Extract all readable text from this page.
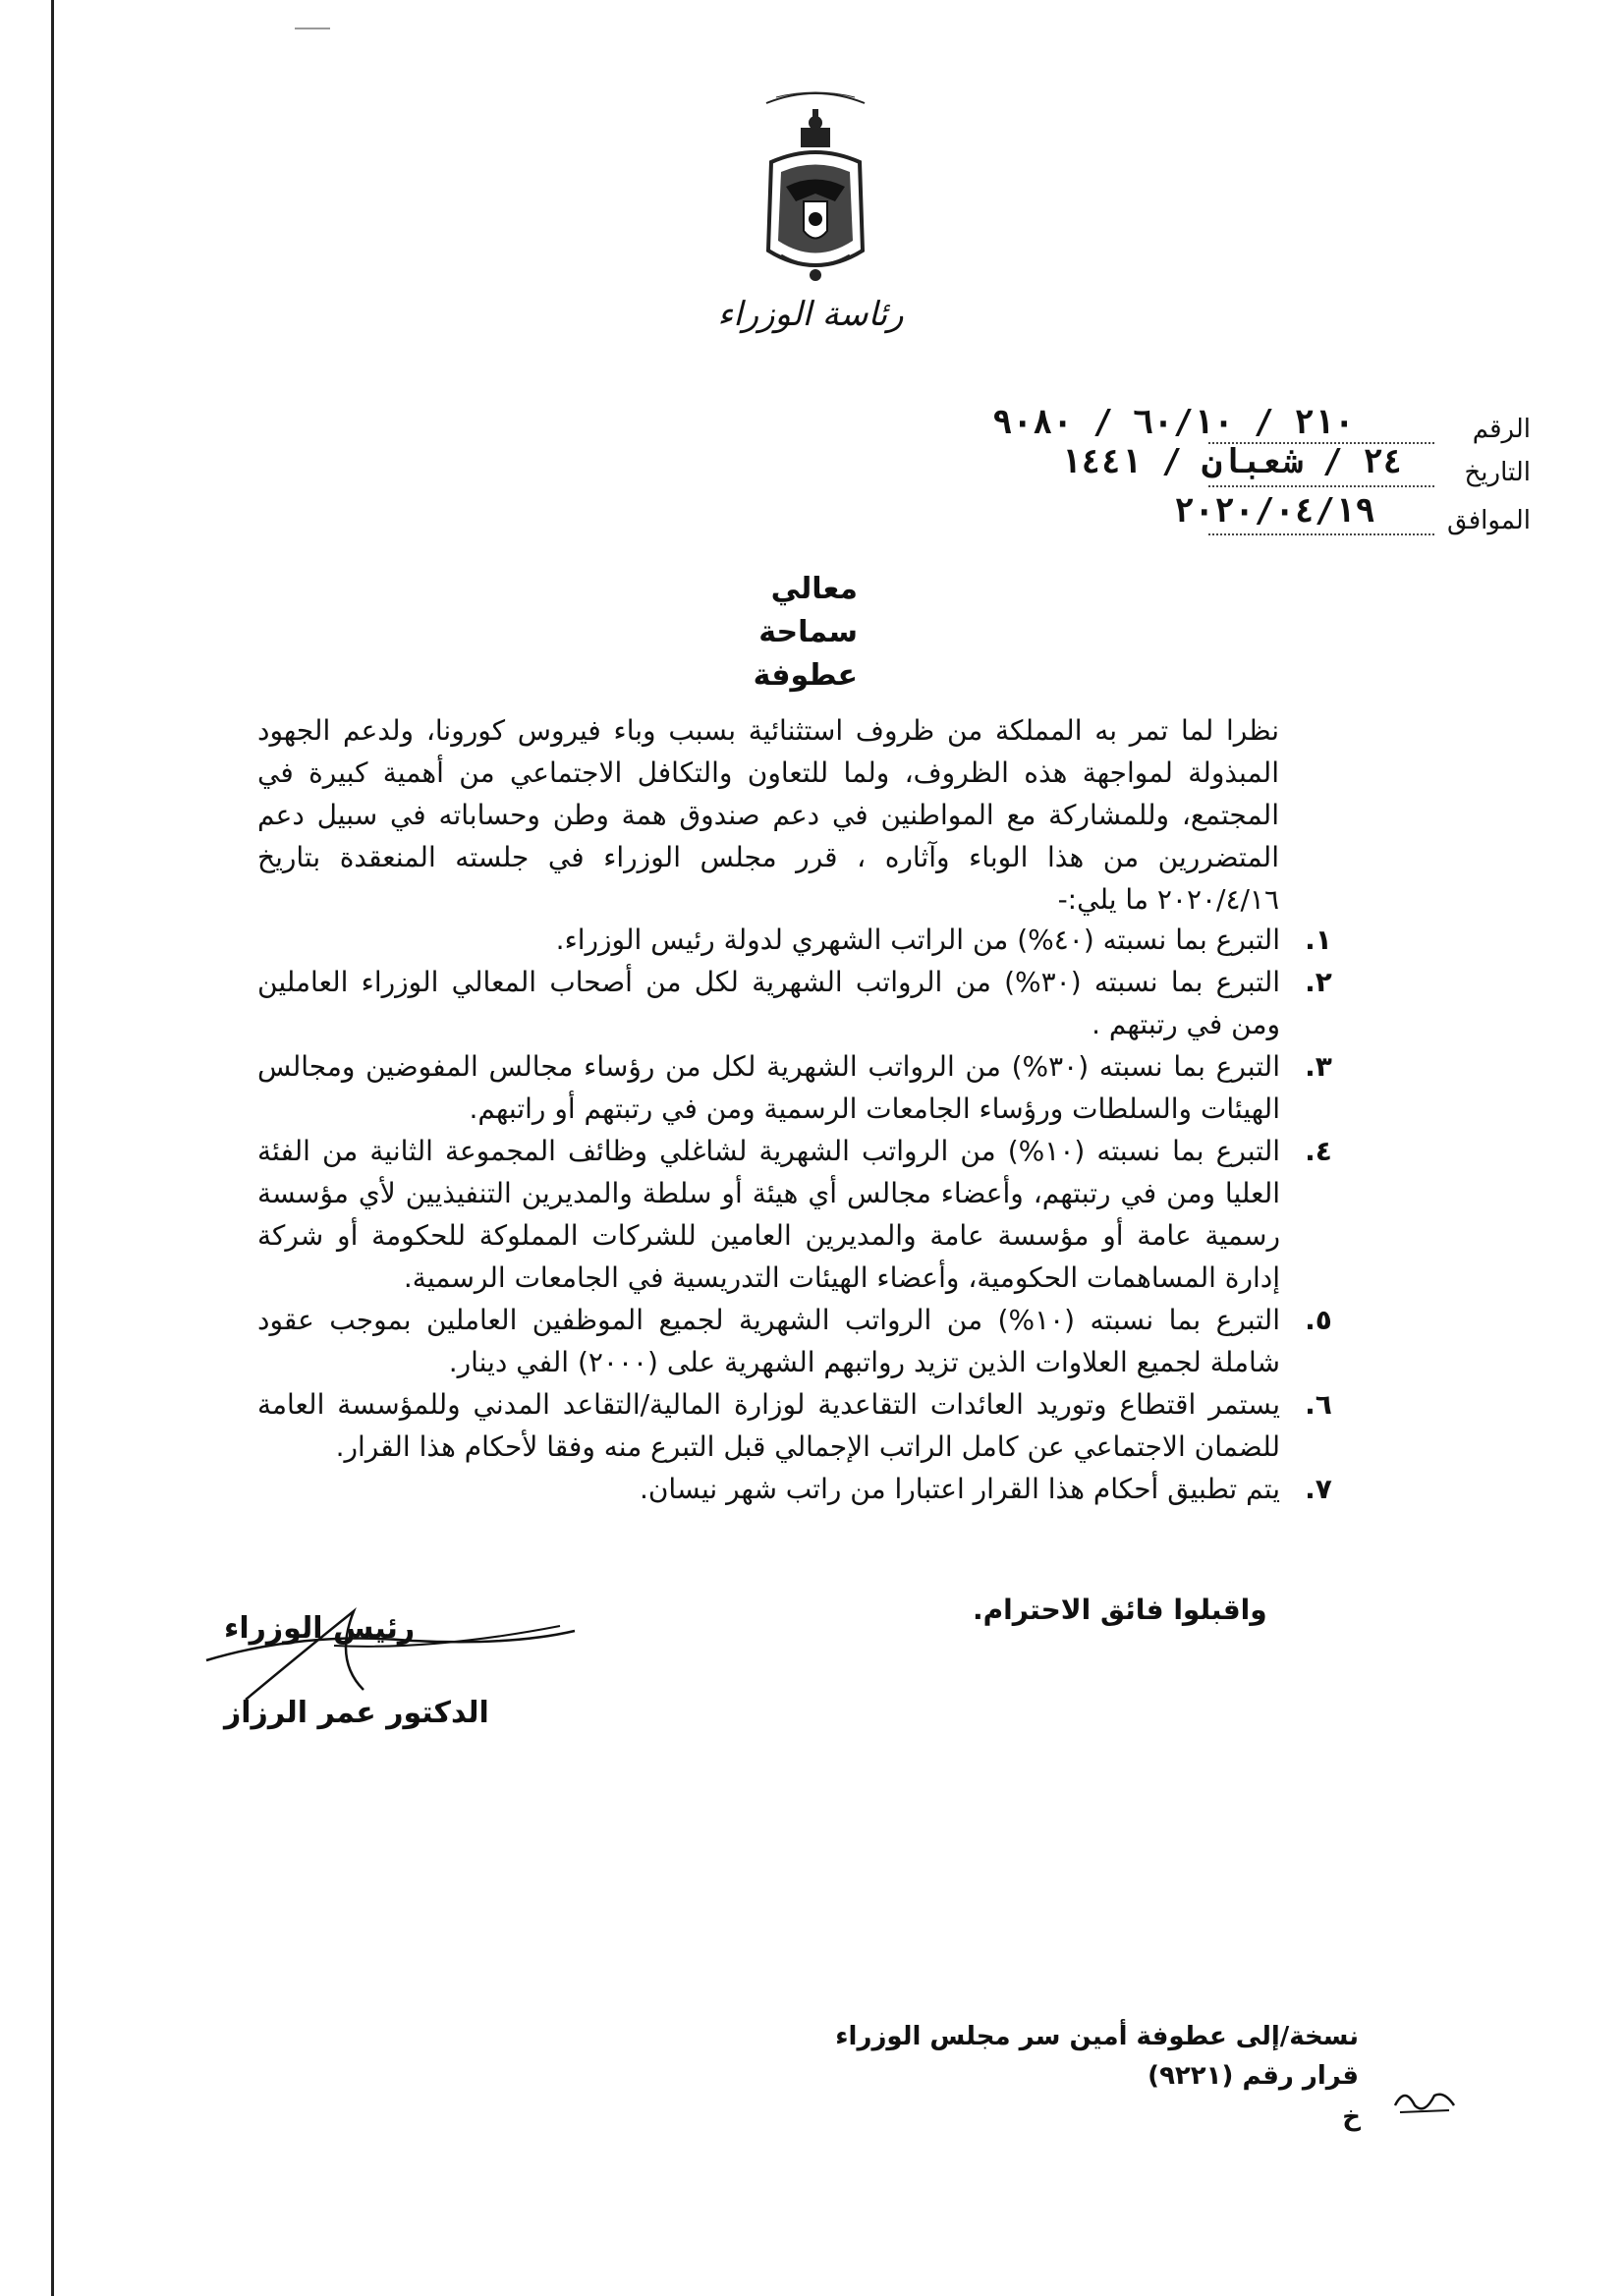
رئاسة الوزراء
الرقم
٢١٠ / ٦٠/١٠ / ٩٠٨٠
التاريخ
٢٤ / شعبان / ١٤٤١
الموافق
٢٠٢٠/٠٤/١٩
معالي
سماحة
عطوفة
نظرا لما تمر به المملكة من ظروف استثنائية بسبب وباء فيروس كورونا، ولدعم الجهود المبذولة لمواجهة هذه الظروف، ولما للتعاون والتكافل الاجتماعي من أهمية كبيرة في المجتمع، وللمشاركة مع المواطنين في دعم صندوق همة وطن وحساباته في سبيل دعم المتضررين من هذا الوباء وآثاره ، قرر مجلس الوزراء في جلسته المنعقدة بتاريخ ٢٠٢٠/٤/١٦ ما يلي:-
١.
التبرع بما نسبته (٤٠%) من الراتب الشهري لدولة رئيس الوزراء.
٢.
التبرع بما نسبته (٣٠%) من الرواتب الشهرية لكل من أصحاب المعالي الوزراء العاملين ومن في رتبتهم .
٣.
التبرع بما نسبته (٣٠%) من الرواتب الشهرية لكل من رؤساء مجالس المفوضين ومجالس الهيئات والسلطات ورؤساء الجامعات الرسمية ومن في رتبتهم أو راتبهم.
٤.
التبرع بما نسبته (١٠%) من الرواتب الشهرية لشاغلي وظائف المجموعة الثانية من الفئة العليا ومن في رتبتهم، وأعضاء مجالس أي هيئة أو سلطة والمديرين التنفيذيين لأي مؤسسة رسمية عامة أو مؤسسة عامة والمديرين العامين للشركات المملوكة للحكومة أو شركة إدارة المساهمات الحكومية، وأعضاء الهيئات التدريسية في الجامعات الرسمية.
٥.
التبرع بما نسبته (١٠%) من الرواتب الشهرية لجميع الموظفين العاملين بموجب عقود شاملة لجميع العلاوات الذين تزيد رواتبهم الشهرية على (٢٠٠٠) الفي دينار.
٦.
يستمر اقتطاع وتوريد العائدات التقاعدية لوزارة المالية/التقاعد المدني وللمؤسسة العامة للضمان الاجتماعي عن كامل الراتب الإجمالي قبل التبرع منه وفقا لأحكام هذا القرار.
٧.
يتم تطبيق أحكام هذا القرار اعتبارا من راتب شهر نيسان.
واقبلوا فائق الاحترام.
رئيس الوزراء
الدكتور عمر الرزاز
نسخة/إلى عطوفة أمين سر مجلس الوزراء
قرار رقم (٩٢٢١)
خ
